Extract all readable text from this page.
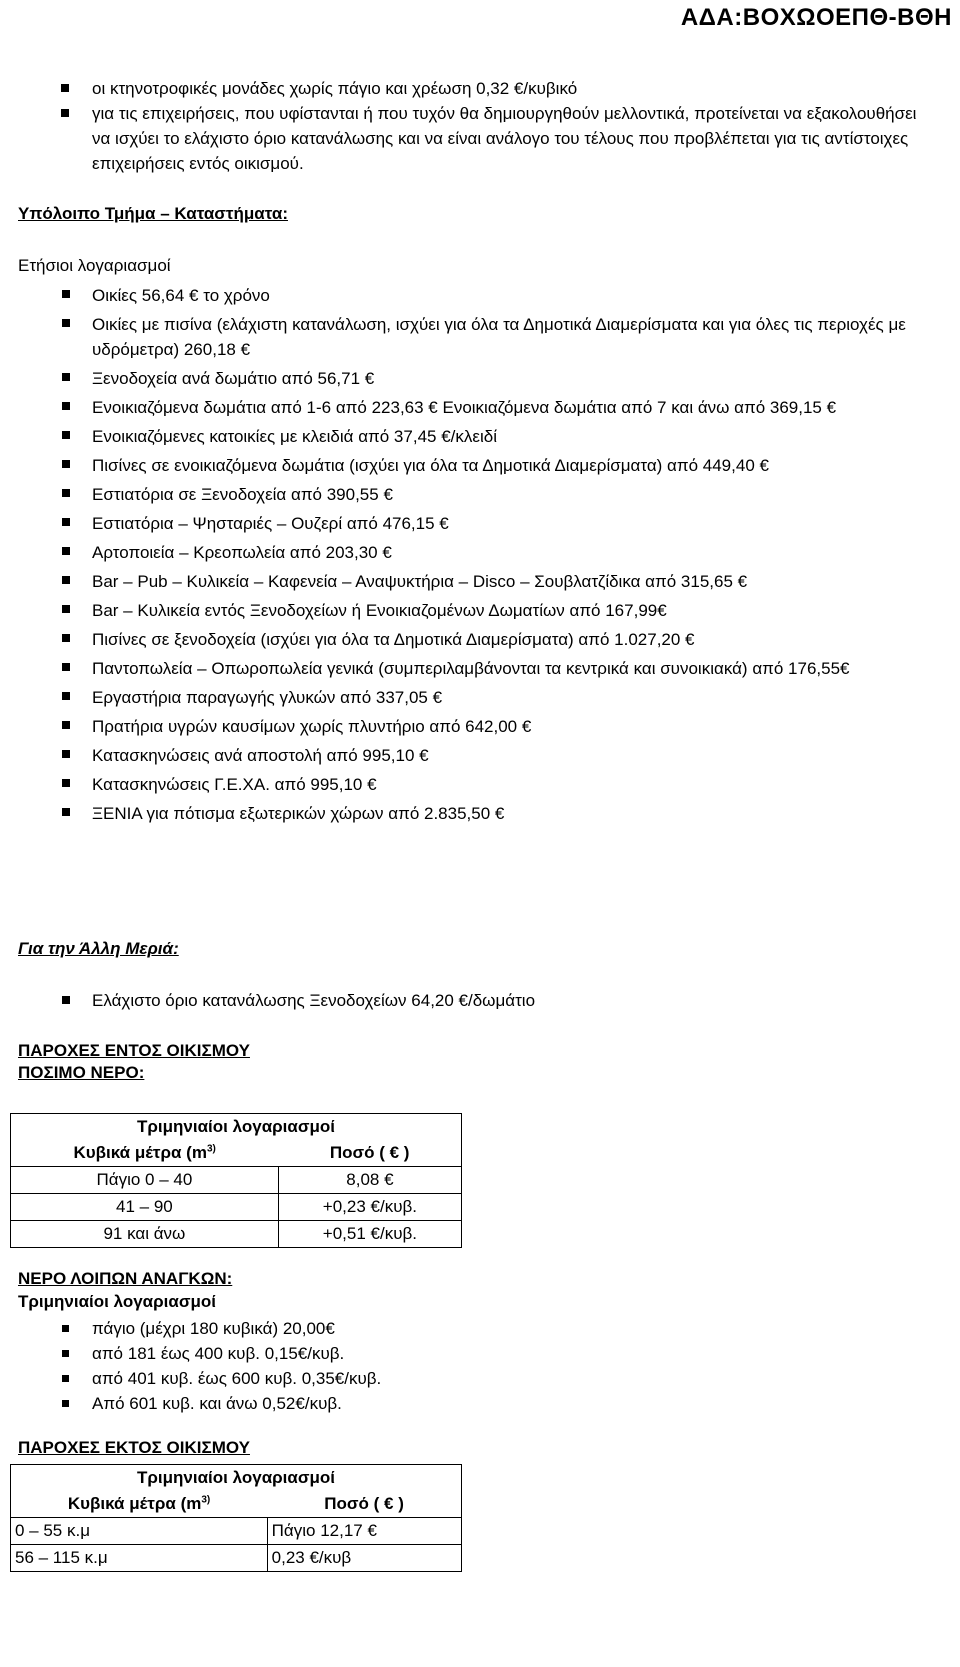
ΑΔΑ:ΒΟΧΩΟΕΠΘ-ΒΘΗ
οι κτηνοτροφικές μονάδες χωρίς πάγιο και χρέωση 0,32 €/κυβικό
για τις επιχειρήσεις, που υφίστανται ή που τυχόν θα δημιουργηθούν μελλοντικά, προτείνεται να εξακολουθήσει να ισχύει το ελάχιστο όριο κατανάλωσης και να είναι ανάλογο του τέλους που προβλέπεται για τις αντίστοιχες επιχειρήσεις εντός οικισμού.
Υπόλοιπο Τμήμα – Καταστήματα:
Ετήσιοι λογαριασμοί
Οικίες 56,64 € το χρόνο
Οικίες με πισίνα (ελάχιστη κατανάλωση, ισχύει για όλα τα Δημοτικά Διαμερίσματα και για όλες τις περιοχές με υδρόμετρα) 260,18 €
Ξενοδοχεία ανά δωμάτιο από 56,71 €
Ενοικιαζόμενα δωμάτια από 1-6 από 223,63 € Ενοικιαζόμενα δωμάτια από 7 και άνω από 369,15 €
Ενοικιαζόμενες κατοικίες με κλειδιά από 37,45 €/κλειδί
Πισίνες σε ενοικιαζόμενα δωμάτια (ισχύει για όλα τα Δημοτικά Διαμερίσματα) από 449,40 €
Εστιατόρια σε Ξενοδοχεία από 390,55 €
Εστιατόρια – Ψησταριές – Ουζερί από 476,15 €
Αρτοποιεία – Κρεοπωλεία από 203,30 €
Bar – Pub – Κυλικεία – Καφενεία – Αναψυκτήρια – Disco – Σουβλατζίδικα από 315,65 €
Bar – Κυλικεία εντός Ξενοδοχείων ή Ενοικιαζομένων Δωματίων από 167,99€
Πισίνες σε ξενοδοχεία (ισχύει για όλα τα Δημοτικά Διαμερίσματα) από 1.027,20 €
Παντοπωλεία – Οπωροπωλεία γενικά (συμπεριλαμβάνονται τα κεντρικά και συνοικιακά) από 176,55€
Εργαστήρια παραγωγής γλυκών από 337,05 €
Πρατήρια υγρών καυσίμων χωρίς πλυντήριο από 642,00 €
Κατασκηνώσεις ανά αποστολή από 995,10 €
Κατασκηνώσεις Γ.Ε.ΧΑ. από 995,10 €
ΞΕΝΙΑ για πότισμα εξωτερικών χώρων από 2.835,50 €
Για την Άλλη Μεριά:
Ελάχιστο όριο κατανάλωσης Ξενοδοχείων 64,20 €/δωμάτιο
ΠΑΡΟΧΕΣ ΕΝΤΟΣ ΟΙΚΙΣΜΟΥ
ΠΟΣΙΜΟ ΝΕΡΟ:
Τριμηνιαίοι λογαριασμοί	
Κυβικά μέτρα ($m^{3)}$	Ποσό ( € )
Πάγιο 0 – 40	8,08 €
41 – 90	+0,23 €/κυβ.
91 και άνω	+0,51 €/κυβ.
ΝΕΡΟ ΛΟΙΠΩΝ ΑΝΑΓΚΩΝ:
Τριμηνιαίοι λογαριασμοί
πάγιο (μέχρι 180 κυβικά) 20,00€
από 181 έως 400 κυβ. 0,15€/κυβ.
από 401 κυβ. έως 600 κυβ. 0,35€/κυβ.
Από 601 κυβ. και άνω 0,52€/κυβ.
ΠΑΡΟΧΕΣ ΕΚΤΟΣ ΟΙΚΙΣΜΟΥ
Τριμηνιαίοι λογαριασμοί	
Κυβικά μέτρα ($m^{3)}$	Ποσό ( € )
0 – 55 κ.μ	Πάγιο 12,17 €
56 – 115 κ.μ	0,23 €/κυβ
